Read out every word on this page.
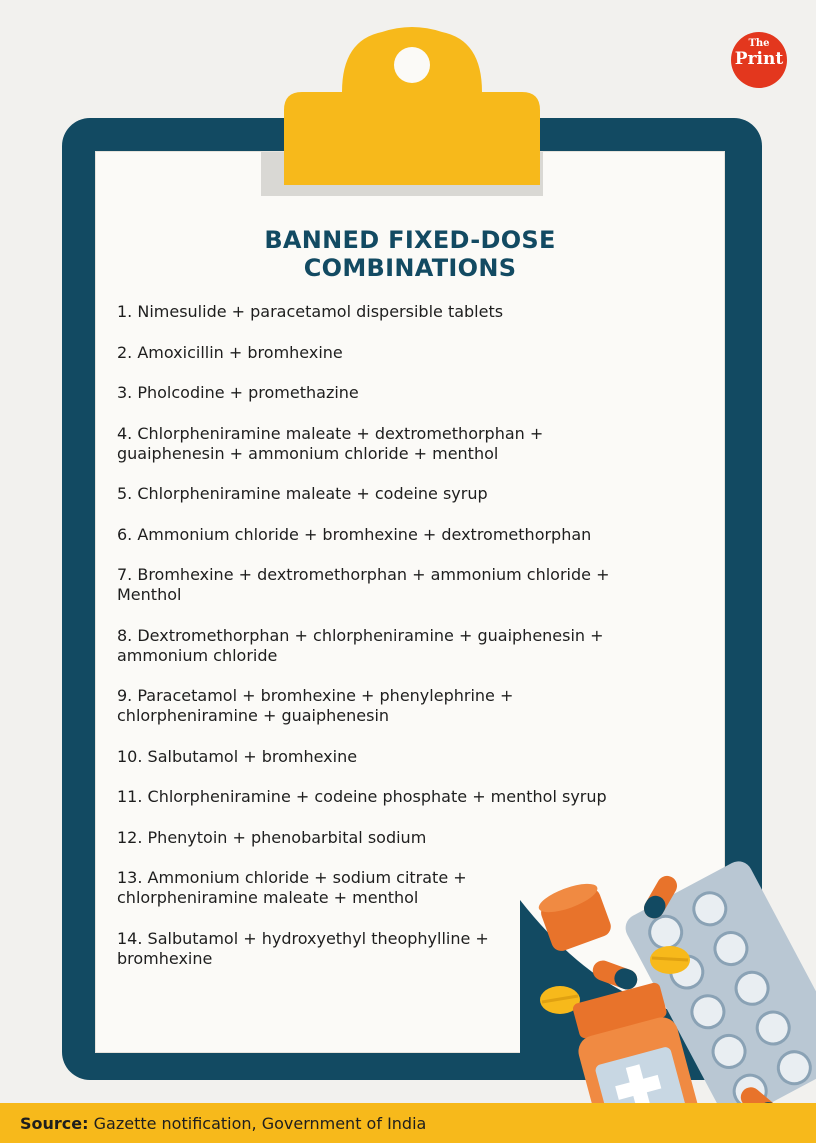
The
Print
BANNED FIXED-DOSE
COMBINATIONS
1. Nimesulide + paracetamol dispersible tablets
2. Amoxicillin + bromhexine
3. Pholcodine + promethazine
4. Chlorpheniramine maleate + dextromethorphan +
guaiphenesin + ammonium chloride + menthol
5. Chlorpheniramine maleate + codeine syrup
6. Ammonium chloride + bromhexine + dextromethorphan
7. Bromhexine + dextromethorphan + ammonium chloride +
Menthol
8. Dextromethorphan + chlorpheniramine + guaiphenesin +
ammonium chloride
9. Paracetamol + bromhexine + phenylephrine +
chlorpheniramine + guaiphenesin
10. Salbutamol + bromhexine
11. Chlorpheniramine + codeine phosphate + menthol syrup
12. Phenytoin + phenobarbital sodium
13. Ammonium chloride + sodium citrate +
chlorpheniramine maleate + menthol
14. Salbutamol + hydroxyethyl theophylline +
bromhexine
Source: Gazette notification, Government of India
